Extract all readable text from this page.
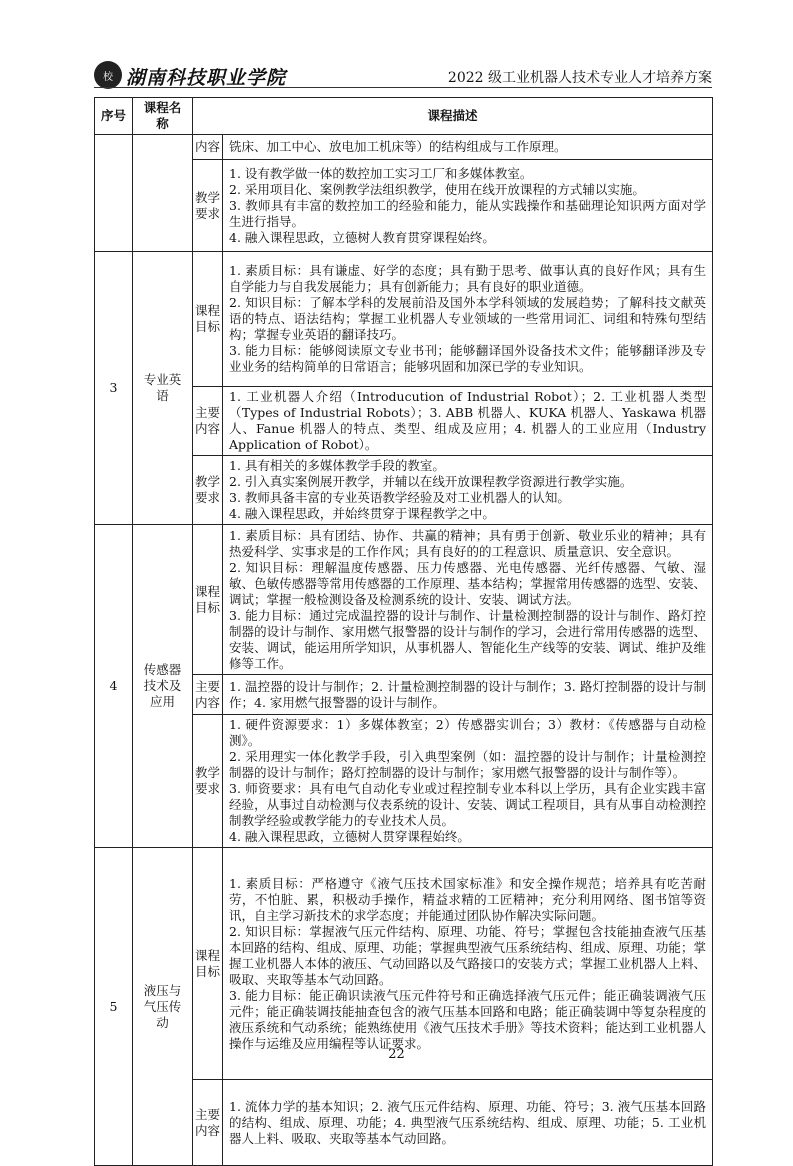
校 湖南科技职业学院	2022 级工业机器人技术专业人才培养方案
序号	课程名称	课程描述	
		内容	铣床、加工中心、放电加工机床等）的结构组成与工作原理。

		教学要求	1. 设有教学做一体的数控加工实习工厂和多媒体教室。

2. 采用项目化、案例教学法组织教学，使用在线开放课程的方式辅以实施。

3. 教师具有丰富的数控加工的经验和能力，能从实践操作和基础理论知识两方面对学生进行指导。

4. 融入课程思政，立德树人教育贯穿课程始终。

3	专业英语	课程目标	1. 素质目标：具有谦虚、好学的态度；具有勤于思考、做事认真的良好作风；具有生自学能力与自我发展能力；具有创新能力；具有良好的职业道德。

2. 知识目标：了解本学科的发展前沿及国外本学科领域的发展趋势；了解科技文献英语的特点、语法结构；掌握工业机器人专业领域的一些常用词汇、词组和特殊句型结构；掌握专业英语的翻译技巧。

3. 能力目标：能够阅读原文专业书刊；能够翻译国外设备技术文件；能够翻译涉及专业业务的结构简单的日常语言；能够巩固和加深已学的专业知识。

		主要内容	1. 工业机器人介绍（Introducution of Industrial Robot）；2. 工业机器人类型（Types of Industrial Robots）；3. ABB 机器人、KUKA 机器人、Yaskawa 机器人、Fanue 机器人的特点、类型、组成及应用；4. 机器人的工业应用（Industry Application of Robot）。

		教学要求	1. 具有相关的多媒体教学手段的教室。

2. 引入真实案例展开教学，并辅以在线开放课程教学资源进行教学实施。

3. 教师具备丰富的专业英语教学经验及对工业机器人的认知。

4. 融入课程思政，并始终贯穿于课程教学之中。

4	传感器技术及应用	课程目标	1. 素质目标：具有团结、协作、共赢的精神；具有勇于创新、敬业乐业的精神；具有热爱科学、实事求是的工作作风；具有良好的的工程意识、质量意识、安全意识。

2. 知识目标：理解温度传感器、压力传感器、光电传感器、光纤传感器、气敏、湿敏、色敏传感器等常用传感器的工作原理、基本结构；掌握常用传感器的选型、安装、调试；掌握一般检测设备及检测系统的设计、安装、调试方法。

3. 能力目标：通过完成温控器的设计与制作、计量检测控制器的设计与制作、路灯控制器的设计与制作、家用燃气报警器的设计与制作的学习，会进行常用传感器的选型、安装、调试，能运用所学知识，从事机器人、智能化生产线等的安装、调试、维护及维修等工作。

		主要内容	1. 温控器的设计与制作；2. 计量检测控制器的设计与制作；3. 路灯控制器的设计与制作；4. 家用燃气报警器的设计与制作。

		教学要求	1. 硬件资源要求：1）多媒体教室；2）传感器实训台；3）教材：《传感器与自动检测》。

2. 采用理实一体化教学手段，引入典型案例（如：温控器的设计与制作；计量检测控制器的设计与制作；路灯控制器的设计与制作；家用燃气报警器的设计与制作等）。

3. 师资要求：具有电气自动化专业或过程控制专业本科以上学历，具有企业实践丰富经验，从事过自动检测与仪表系统的设计、安装、调试工程项目，具有从事自动检测控制教学经验或教学能力的专业技术人员。

4. 融入课程思政，立德树人贯穿课程始终。

5	液压与气压传动	课程目标	1. 素质目标：严格遵守《液气压技术国家标准》和安全操作规范；培养具有吃苦耐劳，不怕脏、累，积极动手操作，精益求精的工匠精神；充分利用网络、图书馆等资讯，自主学习新技术的求学态度；并能通过团队协作解决实际问题。

2. 知识目标：掌握液气压元件结构、原理、功能、符号；掌握包含技能抽查液气压基本回路的结构、组成、原理、功能；掌握典型液气压系统结构、组成、原理、功能；掌握工业机器人本体的液压、气动回路以及气路接口的安装方式；掌握工业机器人上料、吸取、夹取等基本气动回路。

3. 能力目标：能正确识读液气压元件符号和正确选择液气压元件；能正确装调液气压元件；能正确装调技能抽查包含的液气压基本回路和电路；能正确装调中等复杂程度的液压系统和气动系统；能熟练使用《液气压技术手册》等技术资料；能达到工业机器人操作与运维及应用编程等认证要求。

		主要内容	1. 流体力学的基本知识；2. 液气压元件结构、原理、功能、符号；3. 液气压基本回路的结构、组成、原理、功能；4. 典型液气压系统结构、组成、原理、功能；5. 工业机器人上料、吸取、夹取等基本气动回路。

22
